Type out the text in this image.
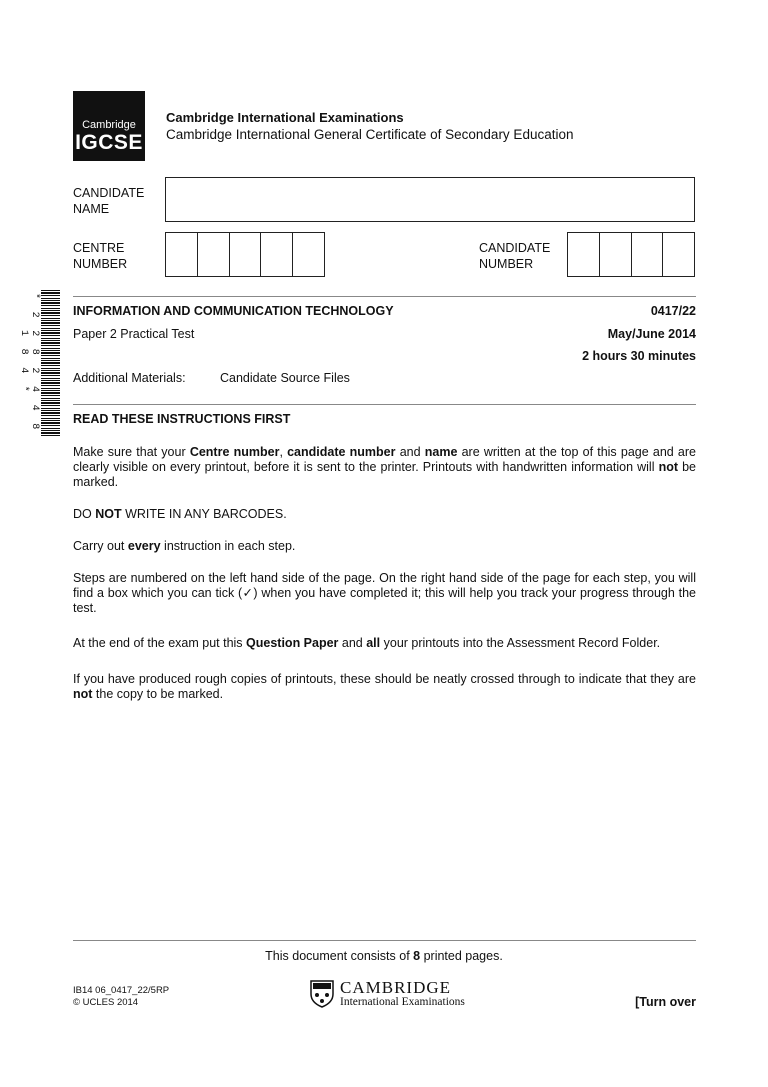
Cambridge
IGCSE
Cambridge International Examinations
Cambridge International General Certificate of Secondary Education
CANDIDATE
NAME
CENTRE
NUMBER
CANDIDATE
NUMBER
* 2 2 8 2 4 4 8 1 8 4 *
INFORMATION AND COMMUNICATION TECHNOLOGY	0417/22
Paper 2 Practical Test	May/June 2014
2 hours 30 minutes
Additional Materials:	Candidate Source Files
READ THESE INSTRUCTIONS FIRST
Make sure that your Centre number, candidate number and name are written at the top of this page and are clearly visible on every printout, before it is sent to the printer. Printouts with handwritten information will not be marked.
DO NOT WRITE IN ANY BARCODES.
Carry out every instruction in each step.
Steps are numbered on the left hand side of the page. On the right hand side of the page for each step, you will find a box which you can tick (✓) when you have completed it; this will help you track your progress through the test.
At the end of the exam put this Question Paper and all your printouts into the Assessment Record Folder.
If you have produced rough copies of printouts, these should be neatly crossed through to indicate that they are not the copy to be marked.
This document consists of 8 printed pages.
IB14 06_0417_22/5RP
© UCLES 2014
CAMBRIDGE
International Examinations	[Turn over
